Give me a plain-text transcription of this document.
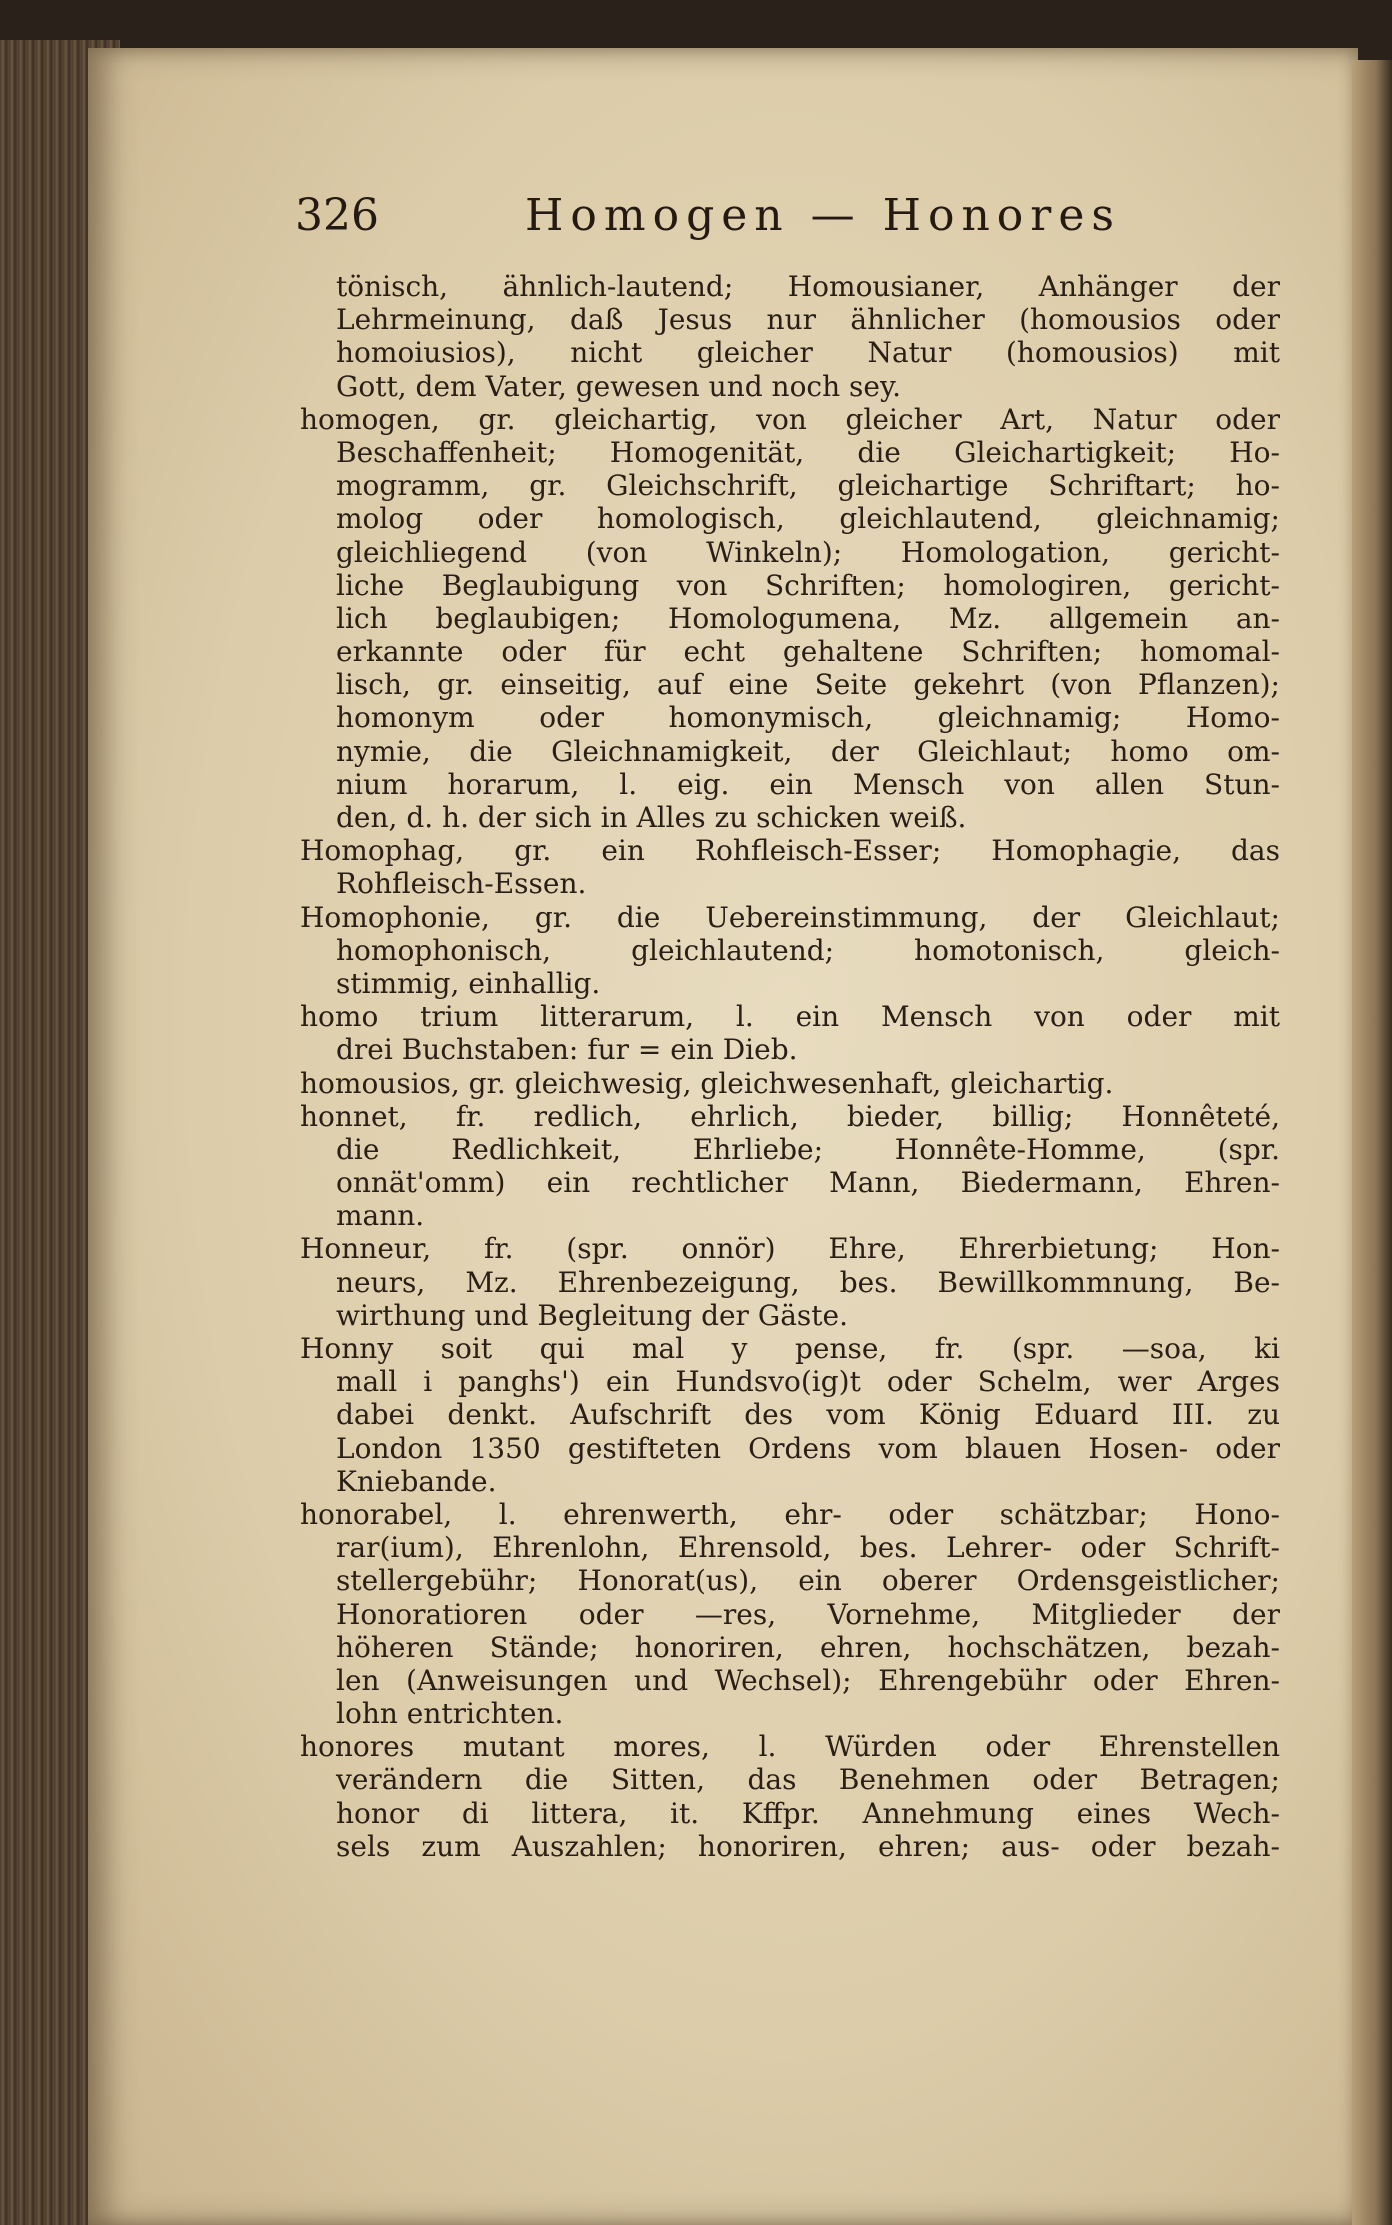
326	Homogen — Honores
tönisch, ähnlich-lautend; Homousianer, Anhänger der
Lehrmeinung, daß Jesus nur ähnlicher (homousios oder
homoiusios), nicht gleicher Natur (homousios) mit
Gott, dem Vater, gewesen und noch sey.
homogen, gr. gleichartig, von gleicher Art, Natur oder
Beschaffenheit; Homogenität, die Gleichartigkeit; Ho-
mogramm, gr. Gleichschrift, gleichartige Schriftart; ho-
molog oder homologisch, gleichlautend, gleichnamig;
gleichliegend (von Winkeln); Homologation, gericht-
liche Beglaubigung von Schriften; homologiren, gericht-
lich beglaubigen; Homologumena, Mz. allgemein an-
erkannte oder für echt gehaltene Schriften; homomal-
lisch, gr. einseitig, auf eine Seite gekehrt (von Pflanzen);
homonym oder homonymisch, gleichnamig; Homo-
nymie, die Gleichnamigkeit, der Gleichlaut; homo om-
nium horarum, l. eig. ein Mensch von allen Stun-
den, d. h. der sich in Alles zu schicken weiß.
Homophag, gr. ein Rohfleisch-Esser; Homophagie, das
Rohfleisch-Essen.
Homophonie, gr. die Uebereinstimmung, der Gleichlaut;
homophonisch, gleichlautend; homotonisch, gleich-
stimmig, einhallig.
homo trium litterarum, l. ein Mensch von oder mit
drei Buchstaben: fur = ein Dieb.
homousios, gr. gleichwesig, gleichwesenhaft, gleichartig.
honnet, fr. redlich, ehrlich, bieder, billig; Honnêteté,
die Redlichkeit, Ehrliebe; Honnête-Homme, (spr.
onnät'omm) ein rechtlicher Mann, Biedermann, Ehren-
mann.
Honneur, fr. (spr. onnör) Ehre, Ehrerbietung; Hon-
neurs, Mz. Ehrenbezeigung, bes. Bewillkommnung, Be-
wirthung und Begleitung der Gäste.
Honny soit qui mal y pense, fr. (spr. —soa, ki
mall i panghs') ein Hundsvo(ig)t oder Schelm, wer Arges
dabei denkt. Aufschrift des vom König Eduard III. zu
London 1350 gestifteten Ordens vom blauen Hosen- oder
Kniebande.
honorabel, l. ehrenwerth, ehr- oder schätzbar; Hono-
rar(ium), Ehrenlohn, Ehrensold, bes. Lehrer- oder Schrift-
stellergebühr; Honorat(us), ein oberer Ordensgeistlicher;
Honoratioren oder —res, Vornehme, Mitglieder der
höheren Stände; honoriren, ehren, hochschätzen, bezah-
len (Anweisungen und Wechsel); Ehrengebühr oder Ehren-
lohn entrichten.
honores mutant mores, l. Würden oder Ehrenstellen
verändern die Sitten, das Benehmen oder Betragen;
honor di littera, it. Kffpr. Annehmung eines Wech-
sels zum Auszahlen; honoriren, ehren; aus- oder bezah-
